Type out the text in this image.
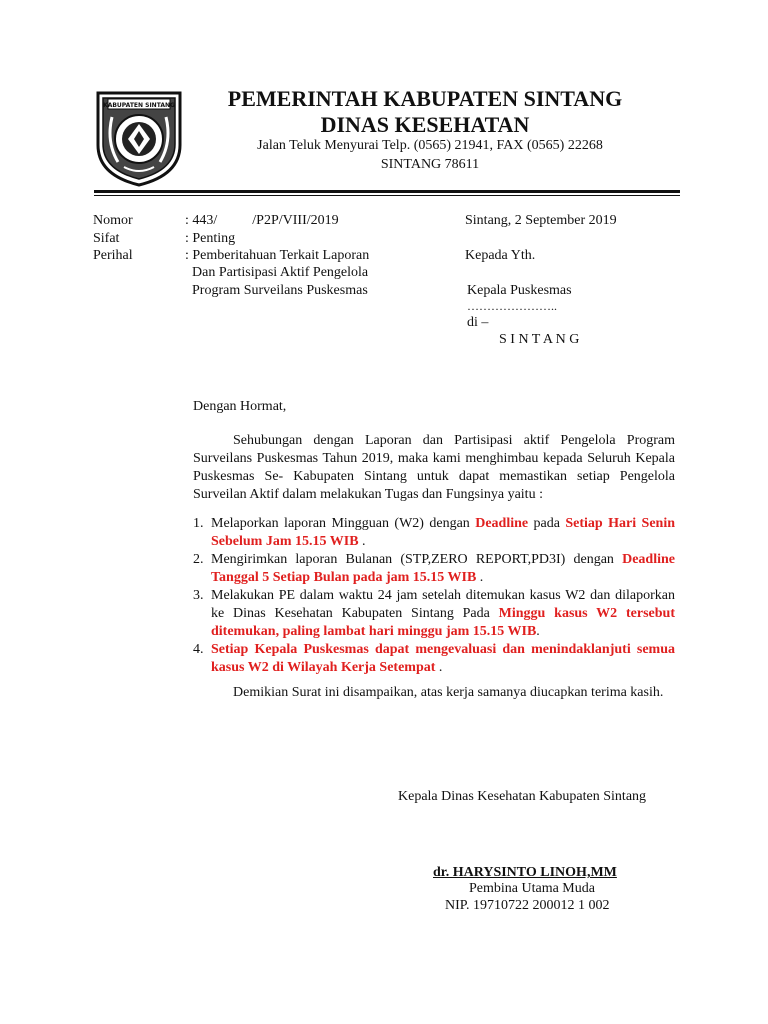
KABUPATEN SINTANG	PEMERINTAH KABUPATEN SINTANG
DINAS KESEHATAN
Jalan Teluk Menyurai Telp. (0565) 21941, FAX (0565) 22268
SINTANG 78611
Nomor	: 443/          /P2P/VIII/2019
Sifat	: Penting
Perihal	: Pemberitahuan Terkait Laporan
Dan Partisipasi Aktif Pengelola
Program Surveilans Puskesmas
Sintang, 2 September 2019
Kepada Yth.
Kepala Puskesmas
…………………..
di –
S I N T A N G
Dengan Hormat,
Sehubungan dengan Laporan dan Partisipasi aktif Pengelola Program Surveilans Puskesmas Tahun 2019, maka kami menghimbau kepada Seluruh Kepala Puskesmas Se- Kabupaten Sintang untuk dapat memastikan setiap Pengelola Surveilan Aktif dalam melakukan Tugas dan Fungsinya yaitu :
1. Melaporkan laporan Mingguan (W2) dengan Deadline pada Setiap Hari Senin Sebelum Jam 15.15 WIB .
2. Mengirimkan laporan Bulanan (STP,ZERO REPORT,PD3I) dengan Deadline Tanggal 5 Setiap Bulan pada jam 15.15 WIB .
3. Melakukan PE dalam waktu 24 jam setelah ditemukan kasus W2 dan dilaporkan ke Dinas Kesehatan Kabupaten Sintang Pada Minggu kasus W2 tersebut ditemukan, paling lambat hari minggu jam 15.15 WIB.
4. Setiap Kepala Puskesmas dapat mengevaluasi dan menindaklanjuti semua kasus W2 di Wilayah Kerja Setempat .
Demikian Surat ini disampaikan, atas kerja samanya diucapkan terima kasih.
Kepala Dinas Kesehatan Kabupaten Sintang
dr. HARYSINTO LINOH,MM
Pembina Utama Muda
NIP. 19710722 200012 1 002
